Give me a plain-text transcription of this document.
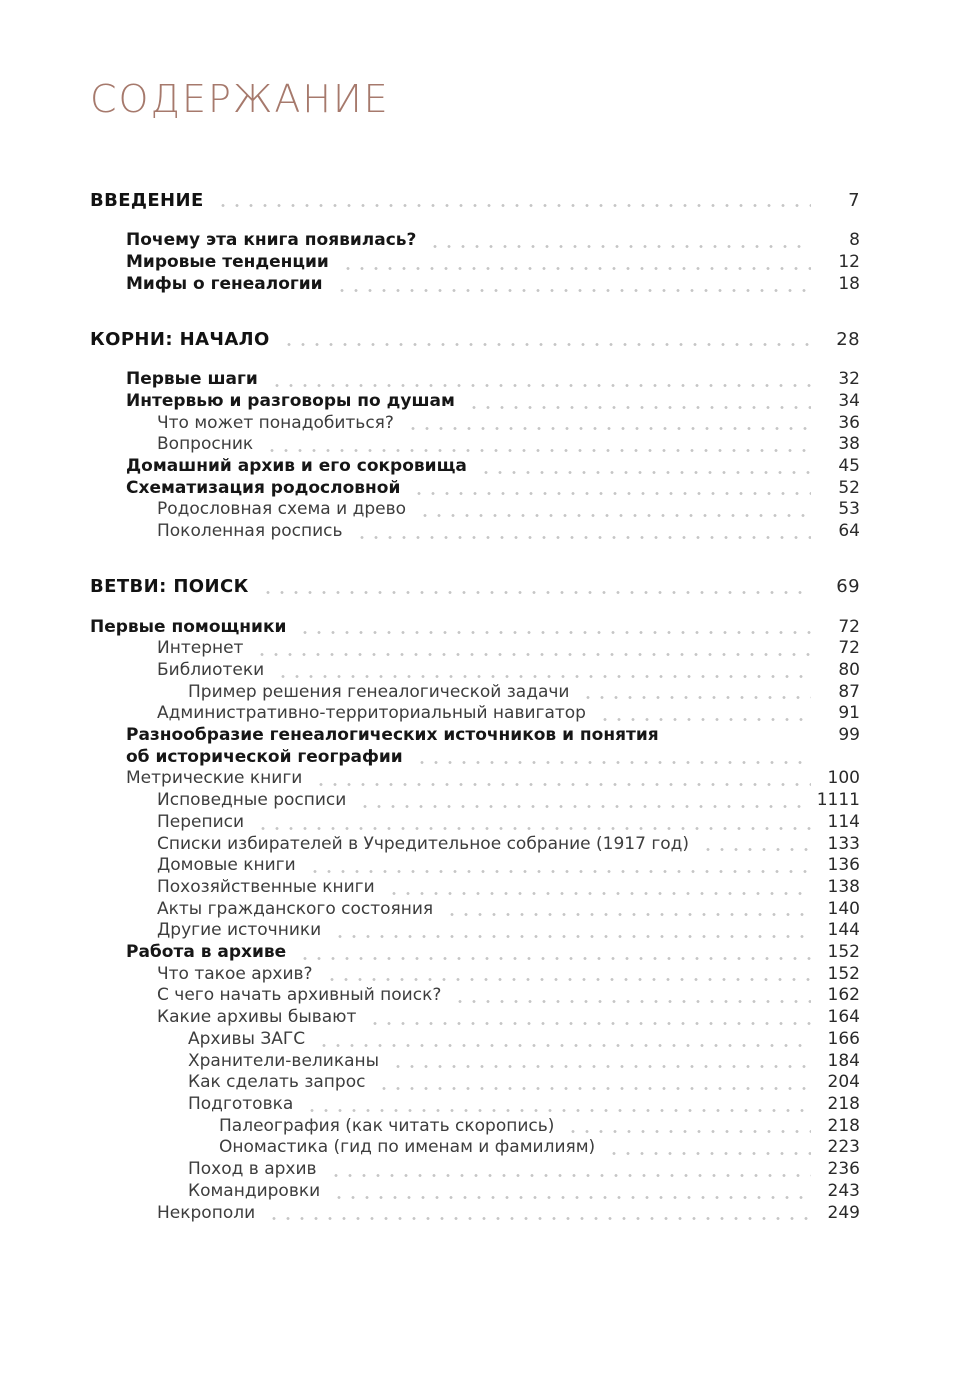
СОДЕРЖАНИЕ
ВВЕДЕНИЕ	7
Почему эта книга появилась?	8
Мировые тенденции	12
Мифы о генеалогии	18
КОРНИ: НАЧАЛО	28
Первые шаги	32
Интервью и разговоры по душам	34
Что может понадобиться?	36
Вопросник	38
Домашний архив и его сокровища	45
Схематизация родословной	52
Родословная схема и древо	53
Поколенная роспись	64
ВЕТВИ: ПОИСК	69
Первые помощники	72
Интернет	72
Библиотеки	80
Пример решения генеалогической задачи	87
Административно-территориальный навигатор	91
Разнообразие генеалогических источников и понятия	99
об исторической географии
Метрические книги	100
Исповедные росписи	1111
Переписи	114
Списки избирателей в Учредительное собрание (1917 год)	133
Домовые книги	136
Похозяйственные книги	138
Акты гражданского состояния	140
Другие источники	144
Работа в архиве	152
Что такое архив?	152
С чего начать архивный поиск?	162
Какие архивы бывают	164
Архивы ЗАГС	166
Хранители-великаны	184
Как сделать запрос	204
Подготовка	218
Палеография (как читать скоропись)	218
Ономастика (гид по именам и фамилиям)	223
Поход в архив	236
Командировки	243
Некрополи	249
